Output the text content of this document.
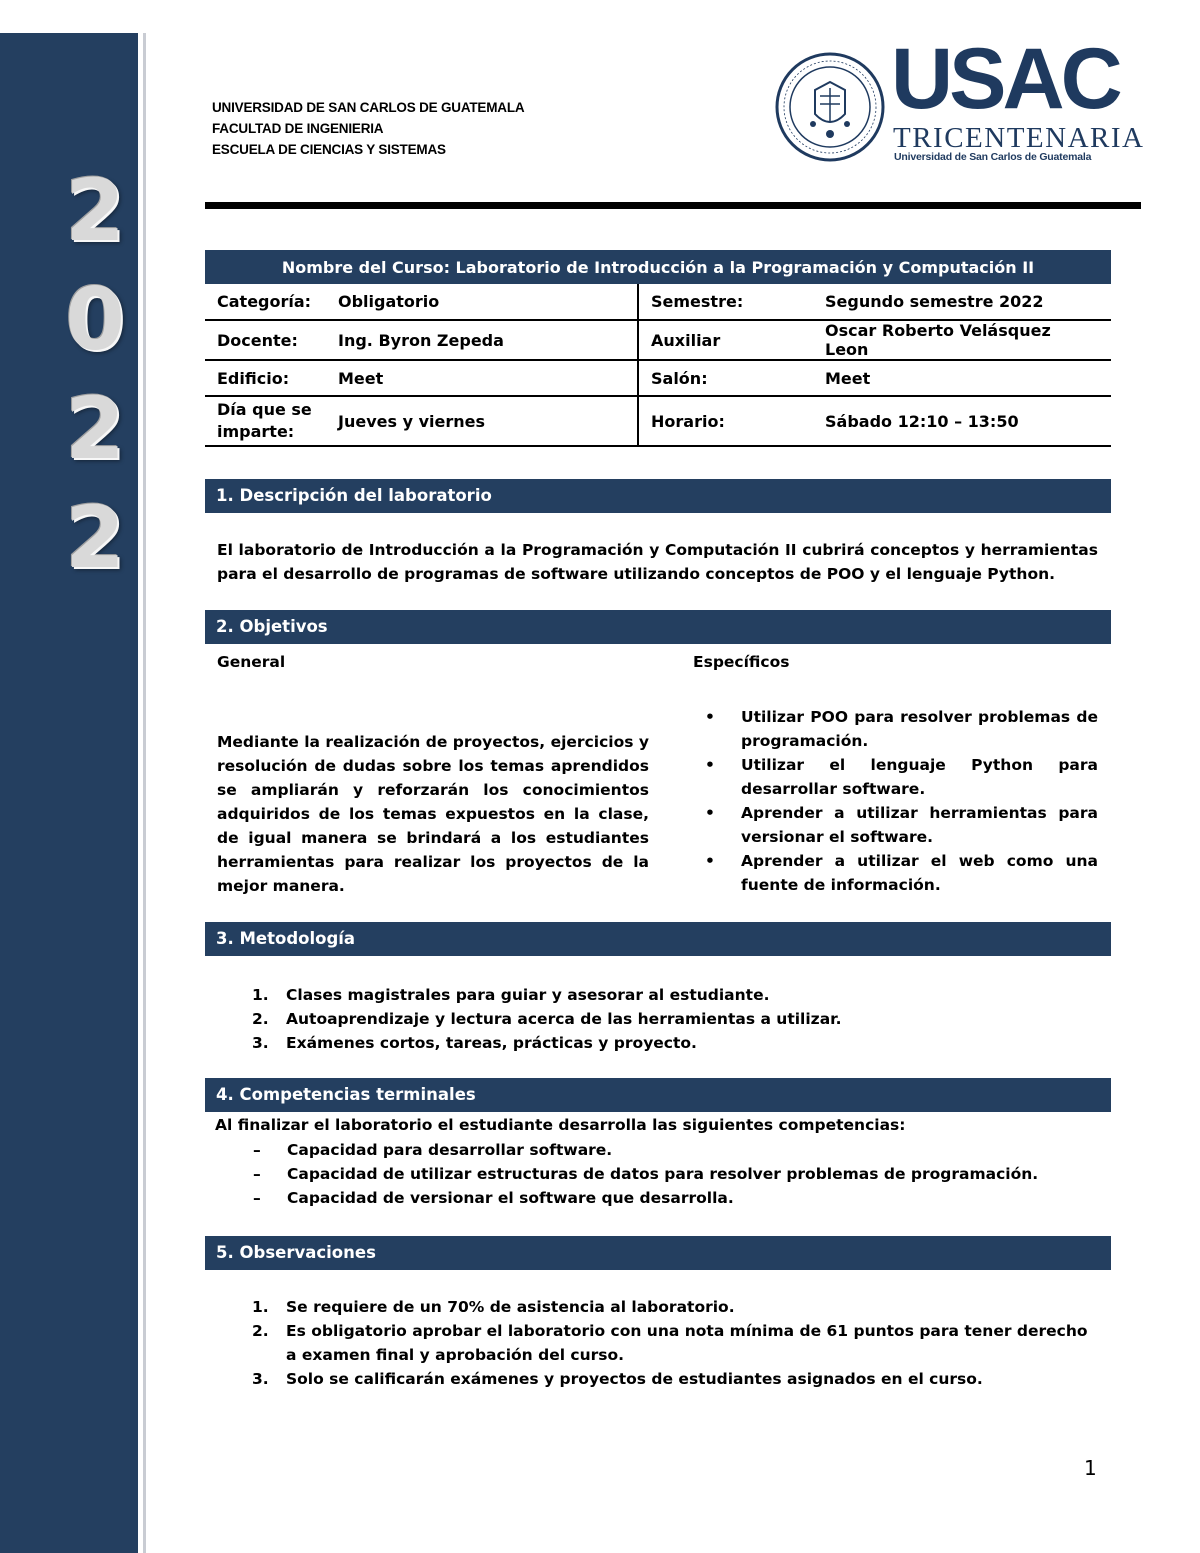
2
0
2
2
UNIVERSIDAD DE SAN CARLOS DE GUATEMALA
FACULTAD DE INGENIERIA
ESCUELA DE CIENCIAS Y SISTEMAS
USAC
TRICENTENARIA
Universidad de San Carlos de Guatemala
Nombre del Curso: Laboratorio de Introducción a la Programación y Computación II			
Categoría:	Obligatorio	Semestre:	Segundo semestre 2022
Docente:	Ing. Byron Zepeda	Auxiliar	Oscar Roberto Velásquez Leon
Edificio:	Meet	Salón:	Meet
Día que se imparte:	Jueves y viernes	Horario:	Sábado 12:10 – 13:50
1. Descripción del laboratorio
El laboratorio de Introducción a la Programación y Computación II cubrirá conceptos y herramientas para el desarrollo de programas de software utilizando conceptos de POO y el lenguaje Python.
2. Objetivos
General	Específicos
Mediante la realización de proyectos, ejercicios y resolución de dudas sobre los temas aprendidos se ampliarán y reforzarán los conocimientos adquiridos de los temas expuestos en la clase, de igual manera se brindará a los estudiantes herramientas para realizar los proyectos de la mejor manera.
• Utilizar POO para resolver problemas de programación.
• Utilizar el lenguaje Python para desarrollar software.
• Aprender a utilizar herramientas para versionar el software.
• Aprender a utilizar el web como una fuente de información.
3. Metodología
1. Clases magistrales para guiar y asesorar al estudiante.
2. Autoaprendizaje y lectura acerca de las herramientas a utilizar.
3. Exámenes cortos, tareas, prácticas y proyecto.
4. Competencias terminales
Al finalizar el laboratorio el estudiante desarrolla las siguientes competencias:
– Capacidad para desarrollar software.
– Capacidad de utilizar estructuras de datos para resolver problemas de programación.
– Capacidad de versionar el software que desarrolla.
5. Observaciones
1. Se requiere de un 70% de asistencia al laboratorio.
2. Es obligatorio aprobar el laboratorio con una nota mínima de 61 puntos para tener derecho a examen final y aprobación del curso.
3. Solo se calificarán exámenes y proyectos de estudiantes asignados en el curso.
1
